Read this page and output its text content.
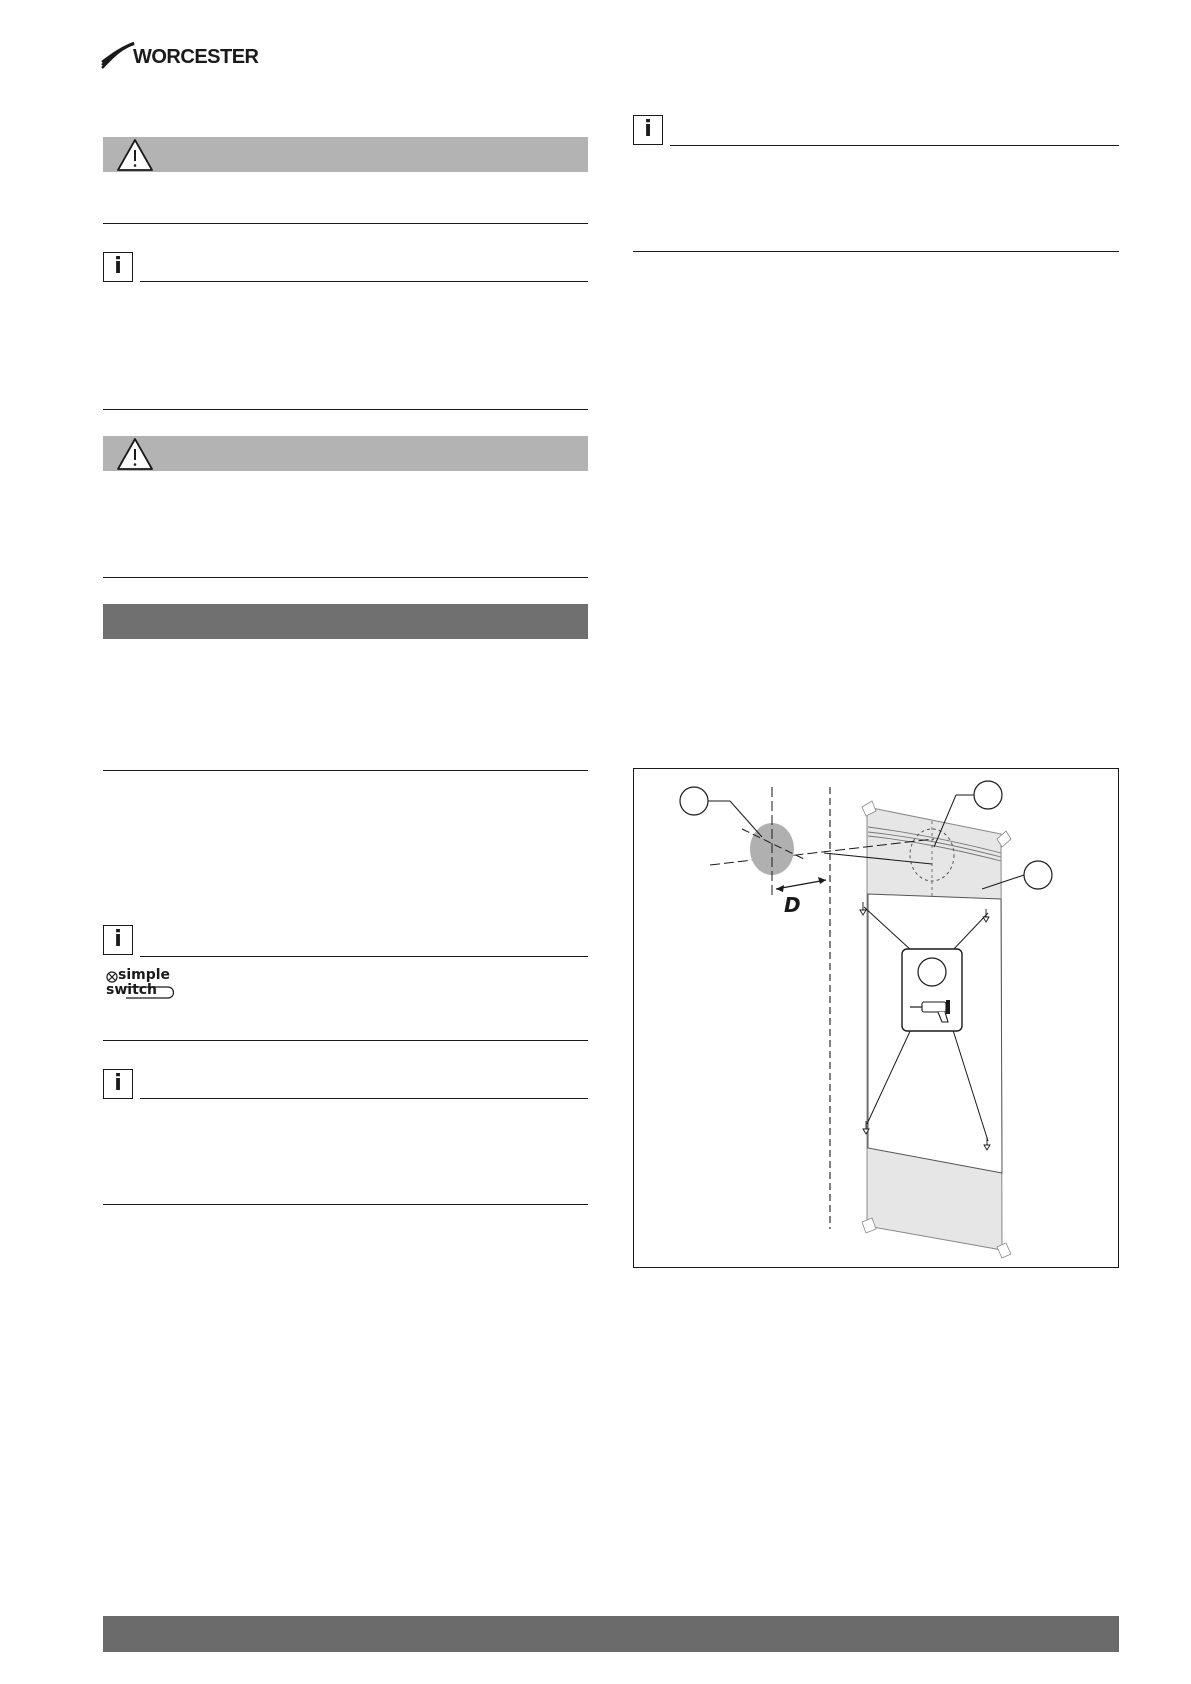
WORCESTER
i
i
simple
switch
i
i
D
